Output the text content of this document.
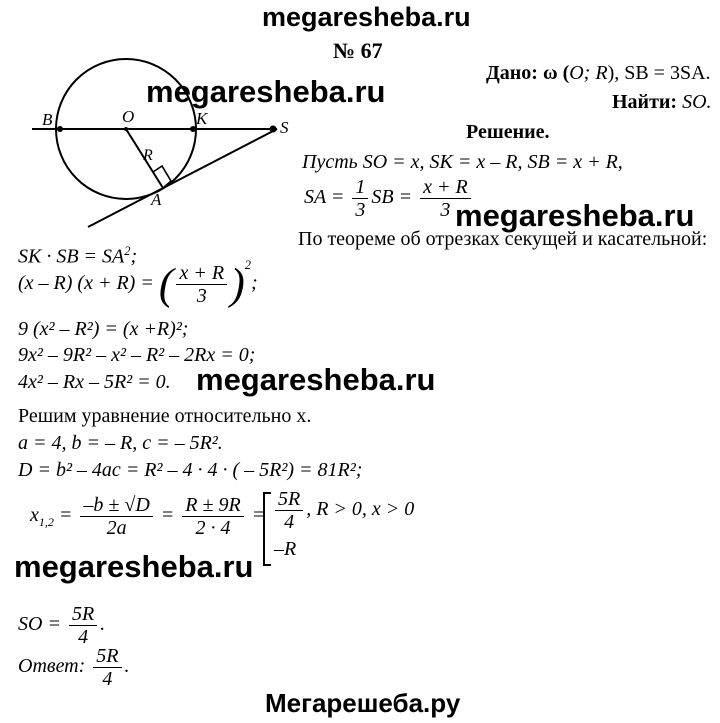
megaresheba.ru
megaresheba.ru
megaresheba.ru
megaresheba.ru
megaresheba.ru
Мегарешеба.ру
№ 67
Дано: ω (O; R), SB = 3SA.
Найти: SO.
Решение.
B	O	K	S
R
A
Пусть SO = x, SK = x – R, SB = x + R,
SA = $\frac{1}{3}$ SB = $\frac{x + R}{3}$
По теореме об отрезках секущей и касательной:
SK · SB = $SA^2$;
(x – R) (x + R) = ( $\frac{x + R}{3} )^2$;
9 (x² – R²) = (x +R)²;
9x² – 9R² – x² – R² – 2Rx = 0;
4x² – Rx – 5R² = 0.
Решим уравнение относительно x.
a = 4, b = – R, c = – 5R².
D = b² – 4ac = R² – 4 · 4 · ( – 5R²) = 81R²;
$x_{1,2} = \frac{-b \pm √D}{2a} = \frac{R \pm 9R}{2 \cdot 4} = \frac{5R}{4}$ , R > 0, x > 0
–R
SO = $\frac{5R}{4}$ .
Ответ: $\frac{5R}{4}$ .
